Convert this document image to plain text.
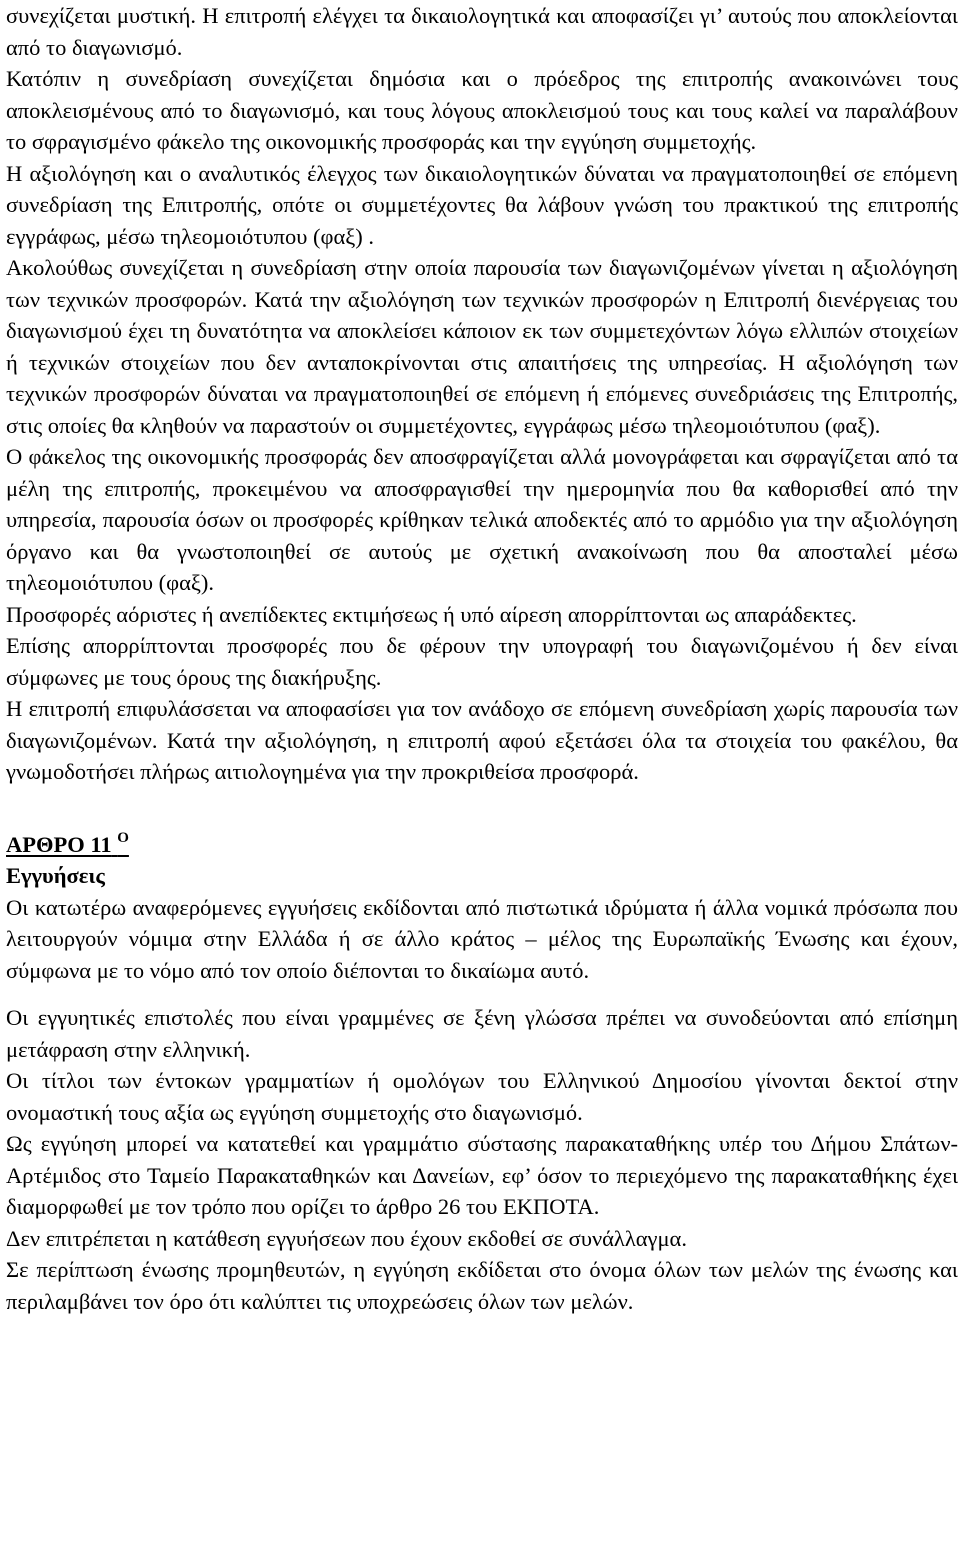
συνεχίζεται μυστική. Η επιτροπή ελέγχει τα δικαιολογητικά και αποφασίζει γι’ αυτούς που αποκλείονται από το διαγωνισμό.

Κατόπιν η συνεδρίαση συνεχίζεται δημόσια και ο πρόεδρος της επιτροπής ανακοινώνει τους αποκλεισμένους από το διαγωνισμό, και τους λόγους αποκλεισμού τους και τους καλεί να παραλάβουν το σφραγισμένο φάκελο της οικονομικής προσφοράς και την εγγύηση συμμετοχής.

Η αξιολόγηση και ο αναλυτικός έλεγχος των δικαιολογητικών δύναται να πραγματοποιηθεί σε επόμενη συνεδρίαση της Επιτροπής, οπότε οι συμμετέχοντες θα λάβουν γνώση του πρακτικού της επιτροπής εγγράφως, μέσω τηλεομοιότυπου (φαξ) .

Ακολούθως συνεχίζεται η συνεδρίαση στην οποία παρουσία των διαγωνιζομένων γίνεται η αξιολόγηση των τεχνικών προσφορών. Κατά την αξιολόγηση των τεχνικών προσφορών η Επιτροπή διενέργειας του διαγωνισμού έχει τη δυνατότητα να αποκλείσει κάποιον εκ των συμμετεχόντων λόγω ελλιπών στοιχείων ή τεχνικών στοιχείων που δεν ανταποκρίνονται στις απαιτήσεις της υπηρεσίας. Η αξιολόγηση των τεχνικών προσφορών δύναται να πραγματοποιηθεί σε επόμενη ή επόμενες συνεδριάσεις της Επιτροπής, στις οποίες θα κληθούν να παραστούν οι συμμετέχοντες, εγγράφως μέσω τηλεομοιότυπου (φαξ).

Ο φάκελος της οικονομικής προσφοράς δεν αποσφραγίζεται αλλά μονογράφεται και σφραγίζεται από τα μέλη της επιτροπής, προκειμένου να αποσφραγισθεί την ημερομηνία που θα καθορισθεί από την υπηρεσία, παρουσία όσων οι προσφορές κρίθηκαν τελικά αποδεκτές από το αρμόδιο για την αξιολόγηση όργανο και θα γνωστοποιηθεί σε αυτούς με σχετική ανακοίνωση που θα αποσταλεί μέσω τηλεομοιότυπου (φαξ).

Προσφορές αόριστες ή ανεπίδεκτες εκτιμήσεως ή υπό αίρεση απορρίπτονται ως απαράδεκτες.

Επίσης απορρίπτονται προσφορές που δε φέρουν την υπογραφή του διαγωνιζομένου ή δεν είναι σύμφωνες με τους όρους της διακήρυξης.

Η επιτροπή επιφυλάσσεται να αποφασίσει για τον ανάδοχο σε επόμενη συνεδρίαση χωρίς παρουσία των διαγωνιζομένων. Κατά την αξιολόγηση, η επιτροπή αφού εξετάσει όλα τα στοιχεία του φακέλου, θα γνωμοδοτήσει πλήρως αιτιολογημένα για την προκριθείσα προσφορά.

ΑΡΘΡΟ 11 $^O$

Εγγυήσεις

Οι κατωτέρω αναφερόμενες εγγυήσεις εκδίδονται από πιστωτικά ιδρύματα ή άλλα νομικά πρόσωπα που λειτουργούν νόμιμα στην Ελλάδα ή σε άλλο κράτος – μέλος της Ευρωπαϊκής Ένωσης και έχουν, σύμφωνα με το νόμο από τον οποίο διέπονται το δικαίωμα αυτό.

Οι εγγυητικές επιστολές που είναι γραμμένες σε ξένη γλώσσα πρέπει να συνοδεύονται από επίσημη μετάφραση στην ελληνική.

Οι τίτλοι των έντοκων γραμματίων ή ομολόγων του Ελληνικού Δημοσίου γίνονται δεκτοί στην ονομαστική τους αξία ως εγγύηση συμμετοχής στο διαγωνισμό.

Ως εγγύηση μπορεί να κατατεθεί και γραμμάτιο σύστασης παρακαταθήκης υπέρ του Δήμου Σπάτων-Αρτέμιδος στο Ταμείο Παρακαταθηκών και Δανείων, εφ’ όσον το περιεχόμενο της παρακαταθήκης έχει διαμορφωθεί με τον τρόπο που ορίζει το άρθρο 26 του ΕΚΠΟΤΑ.

Δεν επιτρέπεται η κατάθεση εγγυήσεων που έχουν εκδοθεί σε συνάλλαγμα.

Σε περίπτωση ένωσης προμηθευτών, η εγγύηση εκδίδεται στο όνομα όλων των μελών της ένωσης και περιλαμβάνει τον όρο ότι καλύπτει τις υποχρεώσεις όλων των μελών.
